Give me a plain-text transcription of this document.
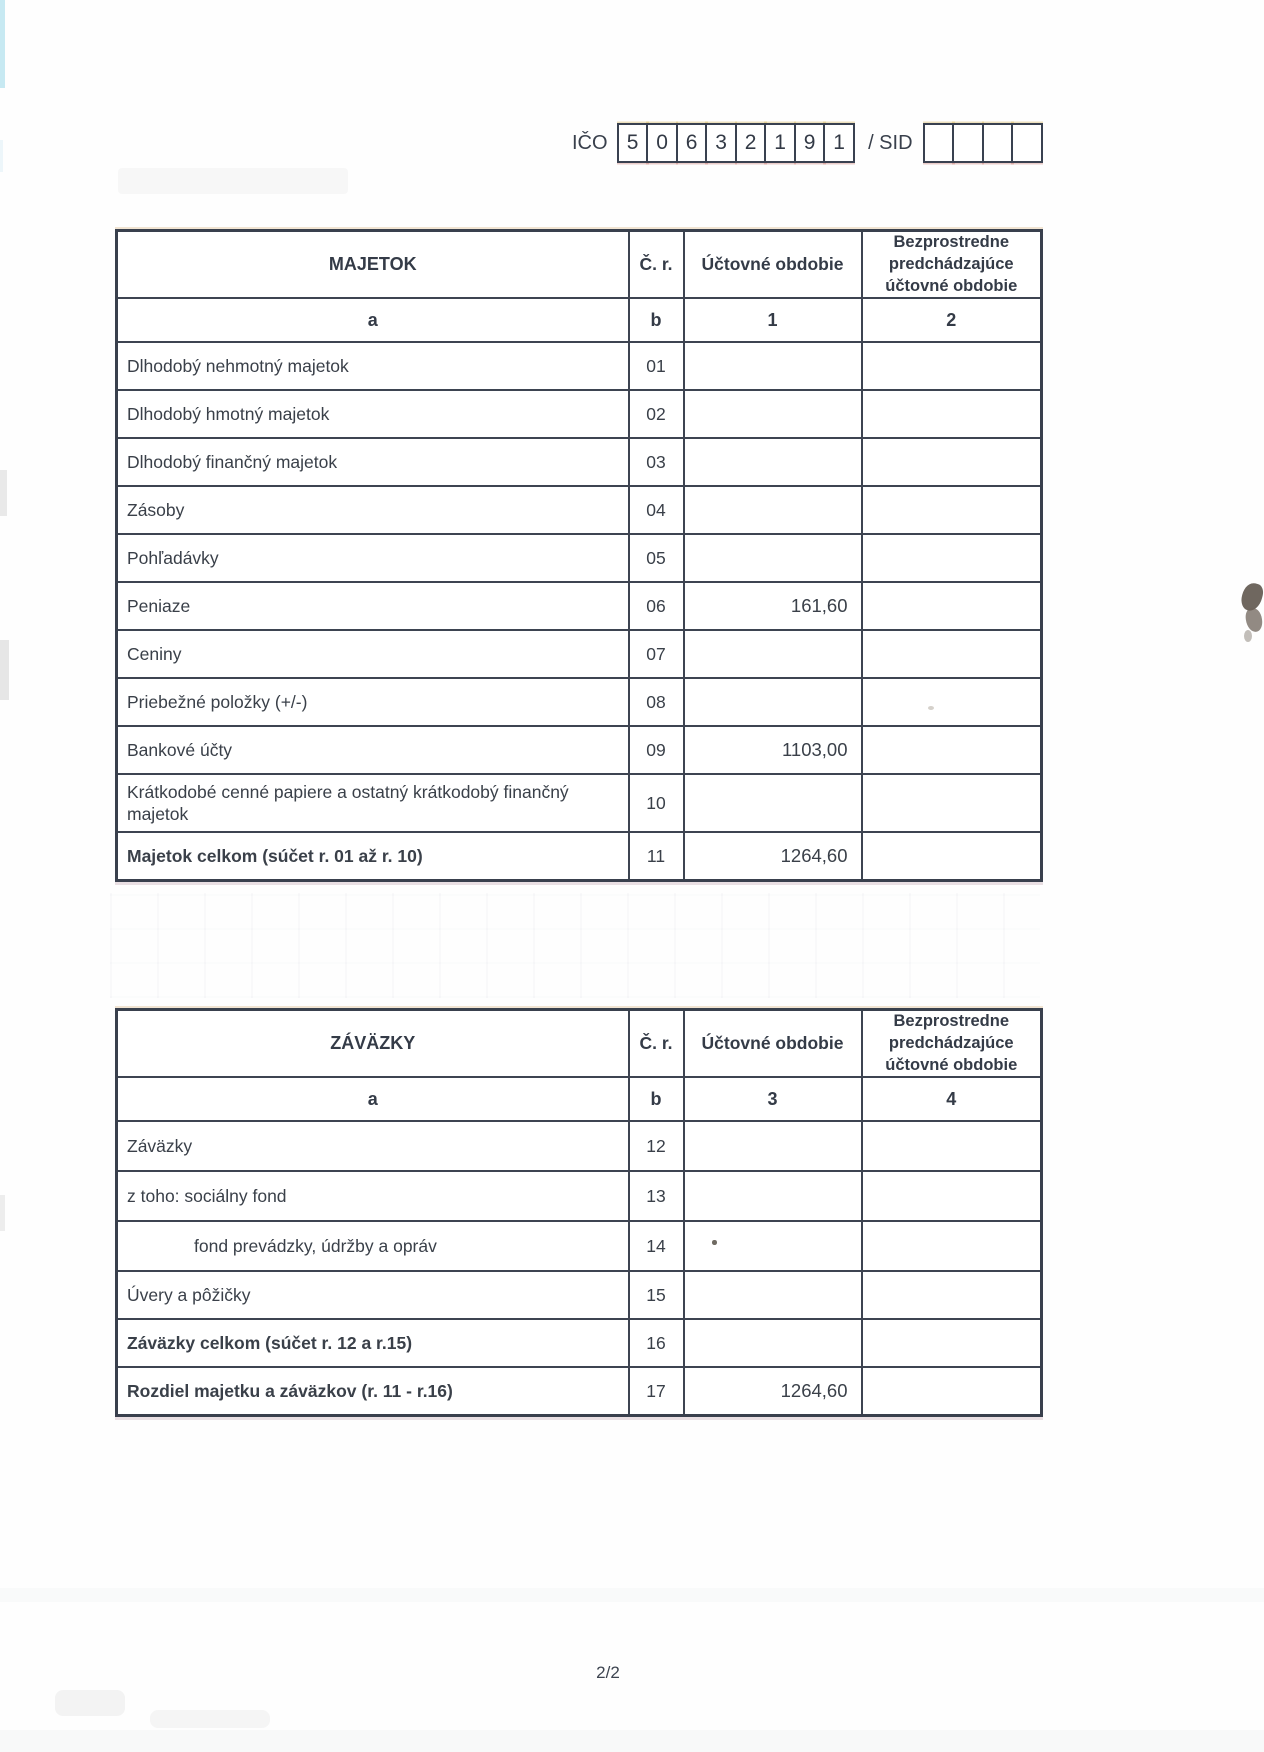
IČO 5 0 6 3 2 1 9 1	/ SID
MAJETOK	Č. r.	Účtovné obdobie	Bezprostredne predchádzajúce účtovné obdobie
a	b	1	2
Dlhodobý nehmotný majetok	01		
Dlhodobý hmotný majetok	02		
Dlhodobý finančný majetok	03		
Zásoby	04		
Pohľadávky	05		
Peniaze	06	161,60	
Ceniny	07		
Priebežné položky (+/-)	08		
Bankové účty	09	1103,00	
Krátkodobé cenné papiere a ostatný krátkodobý finančný majetok	10		
Majetok celkom (súčet r. 01 až r. 10)	11	1264,60	
ZÁVÄZKY	Č. r.	Účtovné obdobie	Bezprostredne predchádzajúce účtovné obdobie
a	b	3	4
Záväzky	12		
z toho: sociálny fond	13		
fond prevádzky, údržby a opráv	14		
Úvery a pôžičky	15		
Záväzky celkom (súčet r. 12 a r.15)	16		
Rozdiel majetku a záväzkov (r. 11 - r.16)	17	1264,60	
2/2
